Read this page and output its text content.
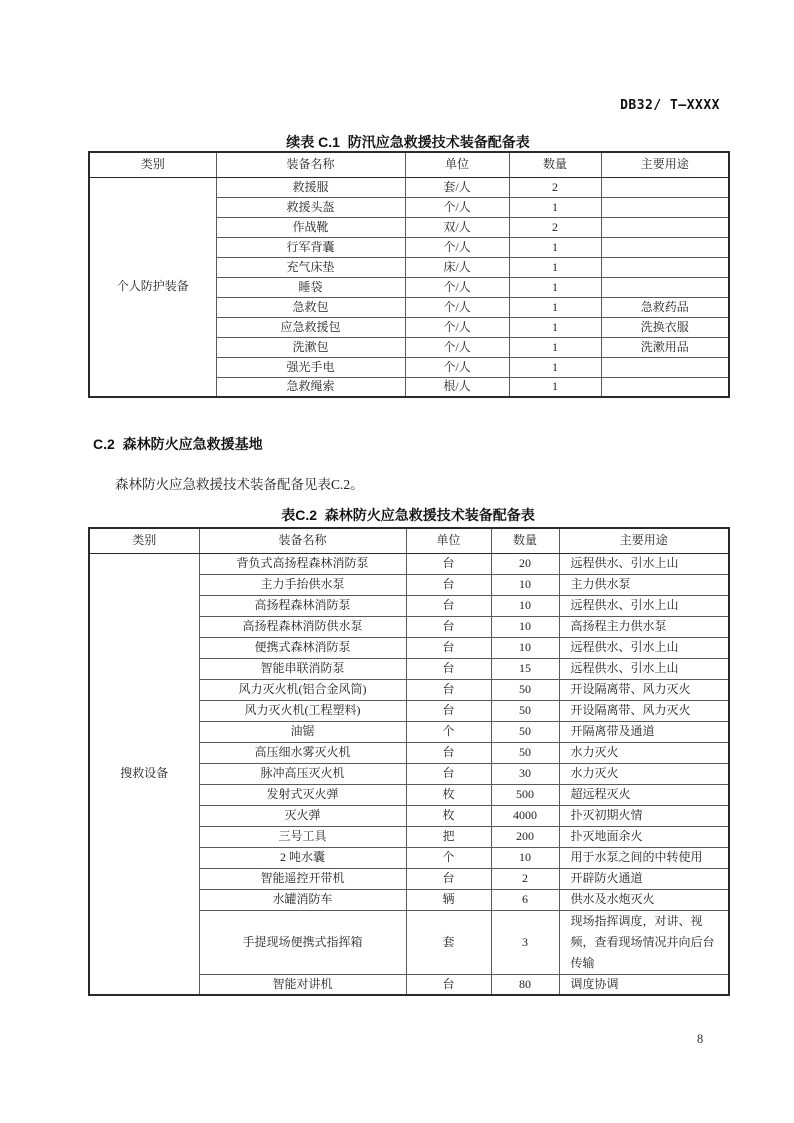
DB32/ T—XXXX
续表 C.1  防汛应急救援技术装备配备表
类别	装备名称	单位	数量	主要用途
个人防护装备	救援服	套/人	2	
	救援头盔	个/人	1	
	作战靴	双/人	2	
	行军背囊	个/人	1	
	充气床垫	床/人	1	
	睡袋	个/人	1	
	急救包	个/人	1	急救药品
	应急救援包	个/人	1	洗换衣服
	洗漱包	个/人	1	洗漱用品
	强光手电	个/人	1	
	急救绳索	根/人	1	
C.2  森林防火应急救援基地

森林防火应急救援技术装备配备见表C.2。

表C.2  森林防火应急救援技术装备配备表
类别	装备名称	单位	数量	主要用途
搜救设备	背负式高扬程森林消防泵	台	20	远程供水、引水上山
	主力手抬供水泵	台	10	主力供水泵
	高扬程森林消防泵	台	10	远程供水、引水上山
	高扬程森林消防供水泵	台	10	高扬程主力供水泵
	便携式森林消防泵	台	10	远程供水、引水上山
	智能串联消防泵	台	15	远程供水、引水上山
	风力灭火机(铝合金风筒)	台	50	开设隔离带、风力灭火
	风力灭火机(工程塑料)	台	50	开设隔离带、风力灭火
	油锯	个	50	开隔离带及通道
	高压细水雾灭火机	台	50	水力灭火
	脉冲高压灭火机	台	30	水力灭火
	发射式灭火弹	枚	500	超远程灭火
	灭火弹	枚	4000	扑灭初期火情
	三号工具	把	200	扑灭地面余火
	2 吨水囊	个	10	用于水泵之间的中转使用
	智能遥控开带机	台	2	开辟防火通道
	水罐消防车	辆	6	供水及水炮灭火
	手提现场便携式指挥箱	套	3	现场指挥调度，对讲、视频，查看现场情况并向后台传输
	智能对讲机	台	80	调度协调
8
